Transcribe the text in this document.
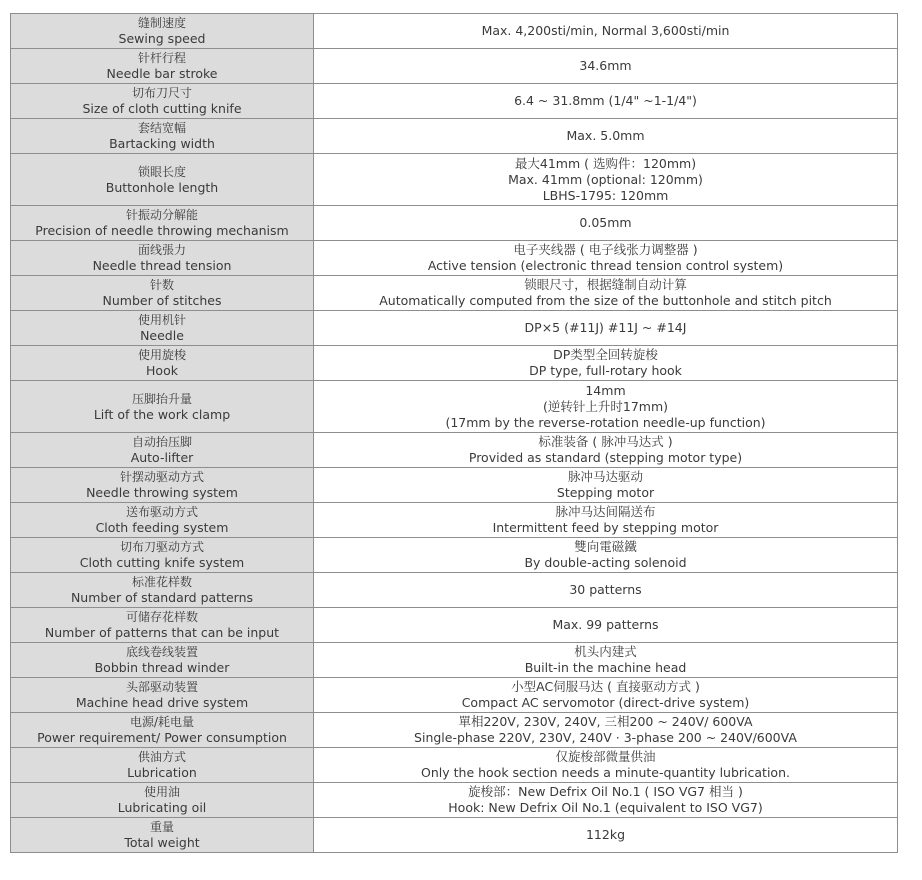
缝制速度
Sewing speed	Max. 4,200sti/min, Normal 3,600sti/min

针杆行程
Needle bar stroke	34.6mm

切布刀尺寸
Size of cloth cutting knife	6.4 ~ 31.8mm (1/4" ~1-1/4")

套结宽幅
Bartacking width	Max. 5.0mm

锁眼长度
Buttonhole length	最大41mm ( 选购件：120mm)
Max. 41mm (optional: 120mm)
LBHS-1795: 120mm

针振动分解能
Precision of needle throwing mechanism	0.05mm

面线張力
Needle thread tension	电子夹线器 ( 电子线张力调整器 )
Active tension (electronic thread tension control system)

针数
Number of stitches	锁眼尺寸，根据缝制自动计算
Automatically computed from the size of the buttonhole and stitch pitch

使用机针
Needle	DP×5 (#11J) #11J ~ #14J

使用旋梭
Hook	DP类型全回转旋梭
DP type, full-rotary hook

压脚抬升量
Lift of the work clamp	14mm
(逆转针上升时17mm)
(17mm by the reverse-rotation needle-up function)

自动抬压脚
Auto-lifter	标准装备 ( 脉冲马达式 )
Provided as standard (stepping motor type)

针摆动驱动方式
Needle throwing system	脉冲马达驱动
Stepping motor

送布驱动方式
Cloth feeding system	脉冲马达间隔送布
Intermittent feed by stepping motor

切布刀驱动方式
Cloth cutting knife system	雙向電磁鐵
By double-acting solenoid

标准花样数
Number of standard patterns	30 patterns

可储存花样数
Number of patterns that can be input	Max. 99 patterns

底线卷线装置
Bobbin thread winder	机头内建式
Built-in the machine head

头部驱动装置
Machine head drive system	小型AC伺服马达 ( 直接驱动方式 )
Compact AC servomotor (direct-drive system)

电源/耗电量
Power requirement/ Power consumption	單相220V, 230V, 240V, 三相200 ~ 240V/ 600VA
Single-phase 220V, 230V, 240V · 3-phase 200 ~ 240V/600VA

供油方式
Lubrication	仅旋梭部微量供油
Only the hook section needs a minute-quantity lubrication.

使用油
Lubricating oil	旋梭部：New Defrix Oil No.1 ( ISO VG7 相当 )
Hook: New Defrix Oil No.1 (equivalent to ISO VG7)

重量
Total weight	112kg
